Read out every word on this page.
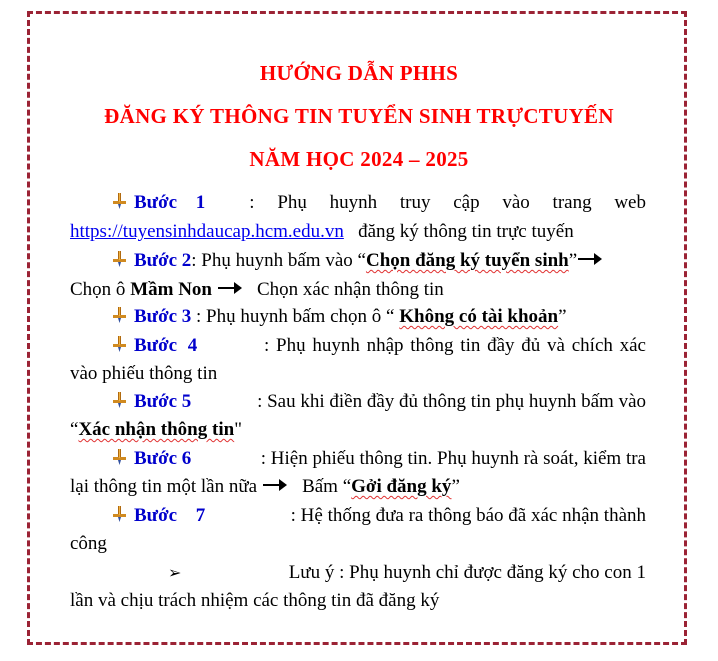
HƯỚNG DẪN PHHS
ĐĂNG KÝ THÔNG TIN TUYỂN SINH TRỰCTUYẾN
NĂM HỌC 2024 – 2025
Bước 1 : Phụ huynh truy cập vào trang web
https://tuyensinhdaucap.hcm.edu.vn đăng ký thông tin trực tuyến
Bước 2: Phụ huynh bấm vào “Chọn đăng ký tuyển sinh”
Chọn ô Mầm Non Chọn xác nhận thông tin
Bước 3 : Phụ huynh bấm chọn ô “ Không có tài khoản”
Bước 4	: Phụ huynh nhập thông tin đầy đủ và chích xác
vào phiếu thông tin
Bước 5	: Sau khi điền đầy đủ thông tin phụ huynh bấm vào
“Xác nhận thông tin"
Bước 6	: Hiện phiếu thông tin. Phụ huynh rà soát, kiểm tra
lại thông tin một lần nữa Bấm “Gởi đăng ký”
Bước 7	: Hệ thống đưa ra thông báo đã xác nhận thành
công
➢	Lưu ý : Phụ huynh chỉ được đăng ký cho con 1
lần và chịu trách nhiệm các thông tin đã đăng ký
